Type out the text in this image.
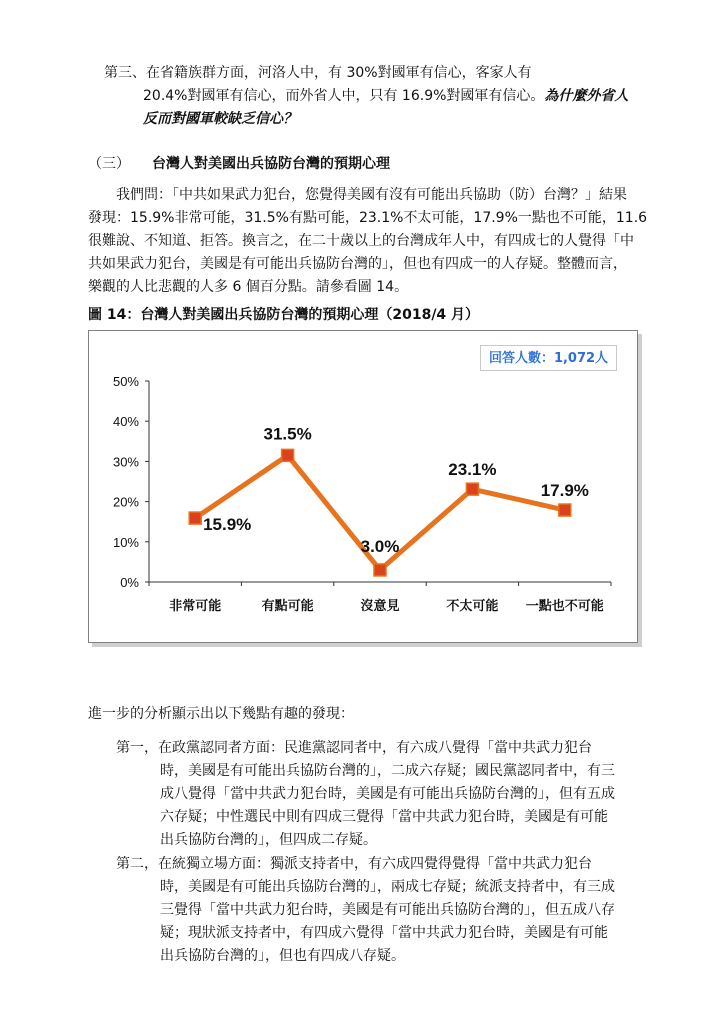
第三、在省籍族群方面，河洛人中，有 30%對國軍有信心，客家人有
20.4%對國軍有信心，而外省人中，只有 16.9%對國軍有信心。為什麼外省人
反而對國軍較缺乏信心？
（三） 台灣人對美國出兵協防台灣的預期心理
我們問：「中共如果武力犯台，您覺得美國有沒有可能出兵協助（防）台灣？」結果
發現：15.9%非常可能，31.5%有點可能，23.1%不太可能，17.9%一點也不可能，11.6
很難說、不知道、拒答。換言之，在二十歲以上的台灣成年人中，有四成七的人覺得「中
共如果武力犯台，美國是有可能出兵協防台灣的」，但也有四成一的人存疑。整體而言，
樂觀的人比悲觀的人多 6 個百分點。請參看圖 14。
圖 14：台灣人對美國出兵協防台灣的預期心理（2018/4 月）
0%
10%
20%
30%
40%
50%
非常可能	有點可能	沒意見	不太可能 一點也不可能
15.9%
31.5%
3.0%
23.1%
17.9%
回答人數：1,072人
進一步的分析顯示出以下幾點有趣的發現：
第一，在政黨認同者方面：民進黨認同者中，有六成八覺得「當中共武力犯台
時，美國是有可能出兵協防台灣的」，二成六存疑；國民黨認同者中，有三
成八覺得「當中共武力犯台時，美國是有可能出兵協防台灣的」，但有五成
六存疑；中性選民中則有四成三覺得「當中共武力犯台時，美國是有可能
出兵協防台灣的」，但四成二存疑。
第二，在統獨立場方面：獨派支持者中，有六成四覺得覺得「當中共武力犯台
時，美國是有可能出兵協防台灣的」，兩成七存疑；統派支持者中，有三成
三覺得「當中共武力犯台時，美國是有可能出兵協防台灣的」，但五成八存
疑；現狀派支持者中，有四成六覺得「當中共武力犯台時，美國是有可能
出兵協防台灣的」，但也有四成八存疑。
